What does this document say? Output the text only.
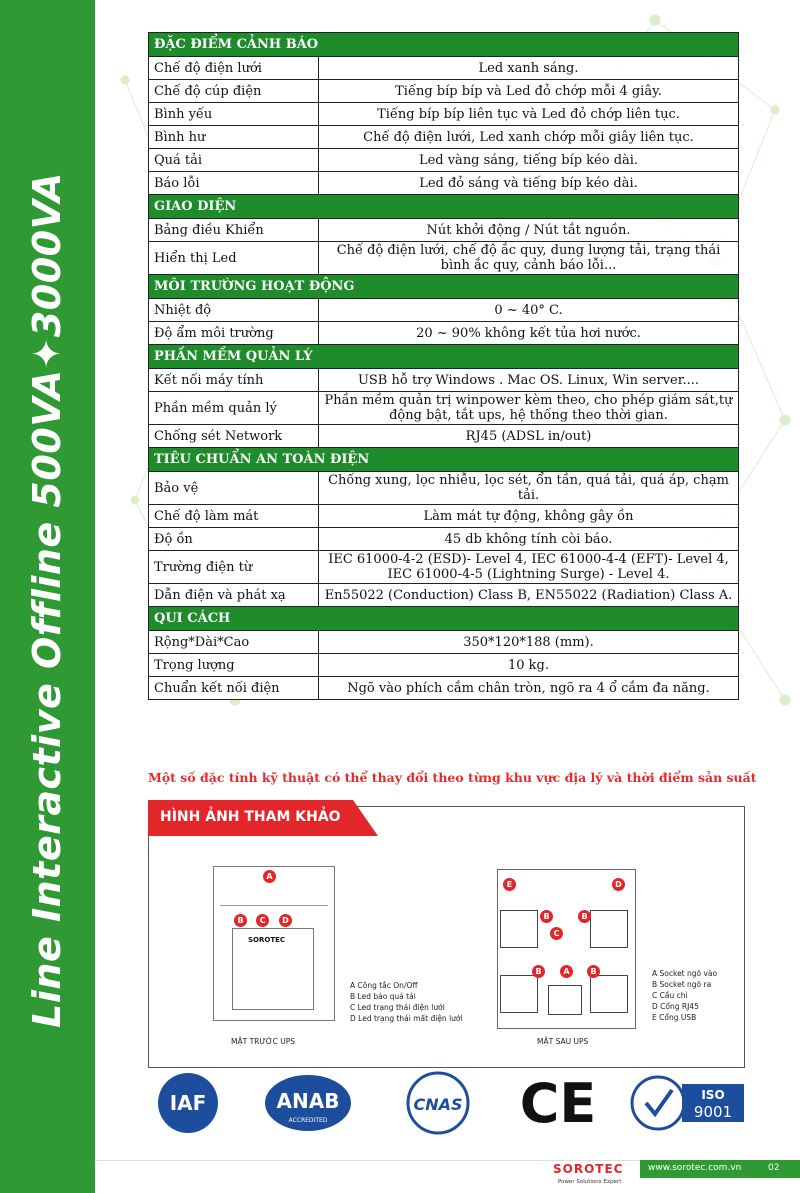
Line Interactive Offline 500VA✦3000VA
ĐẶC ĐIỂM CẢNH BÁO	
Chế độ điện lưới	Led xanh sáng.
Chế độ cúp điện	Tiếng bíp bíp và Led đỏ chớp mỗi 4 giây.
Bình yếu	Tiếng bíp bíp liên tục và Led đỏ chớp liên tục.
Bình hư	Chế độ điện lưới, Led xanh chớp mỗi giây liên tục.
Quá tải	Led vàng sáng, tiếng bíp kéo dài.
Báo lỗi	Led đỏ sáng và tiếng bíp kéo dài.
GIAO DIỆN	
Bảng điều Khiển	Nút khởi động / Nút tắt nguồn.
Hiển thị Led	Chế độ điện lưới, chế độ ắc quy, dung lượng tải, trạng thái bình ắc quy, cảnh báo lỗi...
MÔI TRƯỜNG HOẠT ĐỘNG	
Nhiệt độ	0 ~ 40° C.
Độ ẩm môi trường	20 ~ 90% không kết tủa hơi nước.
PHẦN MỀM QUẢN LÝ	
Kết nối máy tính	USB hỗ trợ Windows . Mac OS. Linux, Win server....
Phần mềm quản lý	Phần mềm quản trị winpower kèm theo, cho phép giám sát,tự động bật, tắt ups, hệ thống theo thời gian.
Chống sét Network	RJ45 (ADSL in/out)
TIÊU CHUẨN AN TOÀN ĐIỆN	
Bảo vệ	Chống xung, lọc nhiễu, lọc sét, ổn tần, quá tải, quá áp, chạm tải.
Chế độ làm mát	Làm mát tự động, không gây ồn
Độ ồn	45 db không tính còi báo.
Trường điện từ	IEC 61000-4-2 (ESD)- Level 4, IEC 61000-4-4 (EFT)- Level 4, IEC 61000-4-5 (Lightning Surge) - Level 4.
Dẫn điện và phát xạ	En55022 (Conduction) Class B, EN55022 (Radiation) Class A.
QUI CÁCH	
Rộng*Dài*Cao	350*120*188 (mm).
Trọng lượng	10 kg.
Chuẩn kết nối điện	Ngõ vào phích cắm chân tròn, ngõ ra 4 ổ cắm đa năng.
Một số đặc tính kỹ thuật có thể thay đổi theo từng khu vực địa lý và thời điểm sản suất
HÌNH ẢNH THAM KHẢO
SOROTEC
A
B	C	D
A Công tắc On/Off
B Led báo quá tải
C Led trạng thái điện lưới
D Led trạng thái mất điện lưới
MẶT TRƯỚC UPS
E	D
B	B
C
B	A	B	A Socket ngõ vào
B Socket ngõ ra
C Cầu chì
D Cổng RJ45
E Cổng USB
MẶT SAU UPS
IAF	ANAB
ACCREDITED
CNAS CE	ISO
9001
SOROTEC
Power Solutions Expert
www.sorotec.com.vn	02
